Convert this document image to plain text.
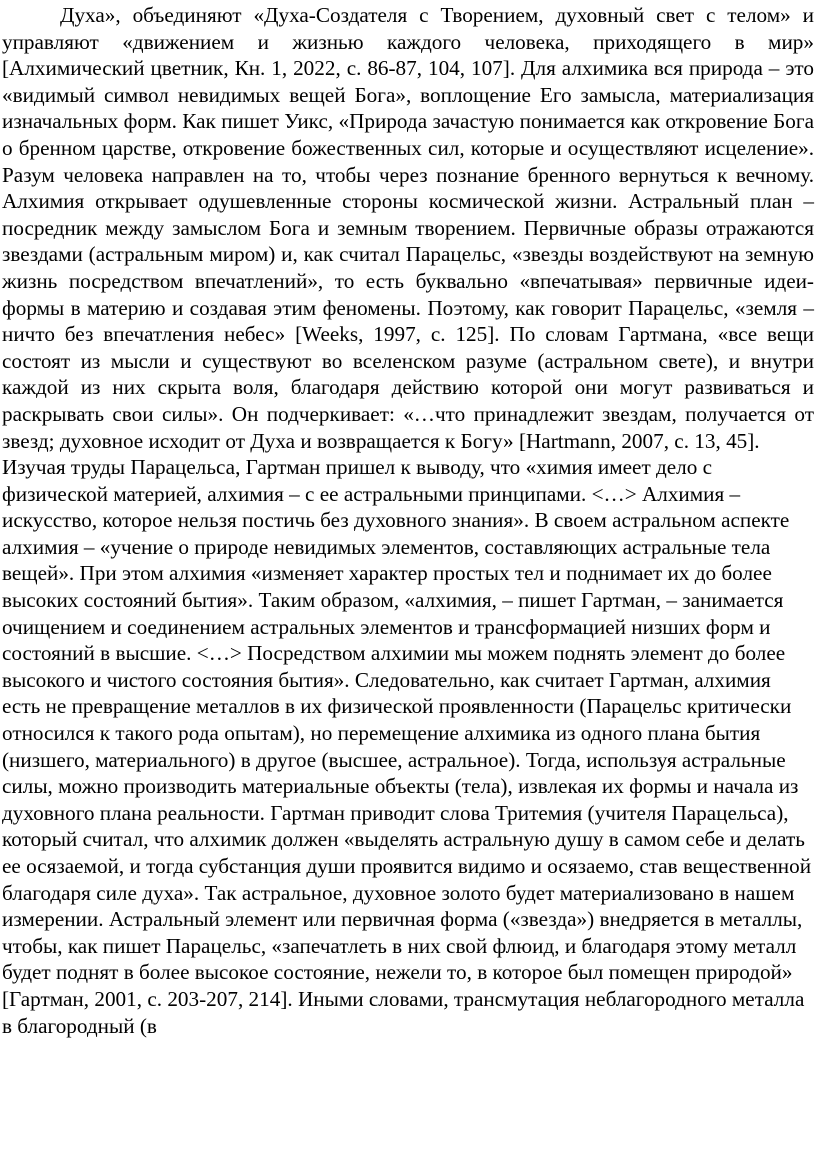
Духа», объединяют «Духа-Создателя с Творением, духовный свет с телом» и управляют «движением и жизнью каждого человека, приходящего в мир» [Алхимический цветник, Кн. 1, 2022, с. 86-87, 104, 107]. Для алхимика вся природа – это «видимый символ невидимых вещей Бога», воплощение Его замысла, материализация изначальных форм. Как пишет Уикс, «Природа зачастую понимается как откровение Бога о бренном царстве, откровение божественных сил, которые и осуществляют исцеление». Разум человека направлен на то, чтобы через познание бренного вернуться к вечному. Алхимия открывает одушевленные стороны космической жизни. Астральный план – посредник между замыслом Бога и земным творением. Первичные образы отражаются звездами (астральным миром) и, как считал Парацельс, «звезды воздействуют на земную жизнь посредством впечатлений», то есть буквально «впечатывая» первичные идеи-формы в материю и создавая этим феномены. Поэтому, как говорит Парацельс, «земля – ничто без впечатления небес» [Weeks, 1997, с. 125]. По словам Гартмана, «все вещи состоят из мысли и существуют во вселенском разуме (астральном свете), и внутри каждой из них скрыта воля, благодаря действию которой они могут развиваться и раскрывать свои силы». Он подчеркивает: «…что принадлежит звездам, получается от звезд; духовное исходит от Духа и возвращается к Богу» [Hartmann, 2007, с. 13, 45].

Изучая труды Парацельса, Гартман пришел к выводу, что «химия имеет дело с физической материей, алхимия – с ее астральными принципами. <…> Алхимия – искусство, которое нельзя постичь без духовного знания». В своем астральном аспекте алхимия – «учение о природе невидимых элементов, составляющих астральные тела вещей». При этом алхимия «изменяет характер простых тел и поднимает их до более высоких состояний бытия». Таким образом, «алхимия, – пишет Гартман, – занимается очищением и соединением астральных элементов и трансформацией низших форм и состояний в высшие. <…> Посредством алхимии мы можем поднять элемент до более высокого и чистого состояния бытия». Следовательно, как считает Гартман, алхимия есть не превращение металлов в их физической проявленности (Парацельс критически относился к такого рода опытам), но перемещение алхимика из одного плана бытия (низшего, материального) в другое (высшее, астральное). Тогда, используя астральные силы, можно производить материальные объекты (тела), извлекая их формы и начала из духовного плана реальности. Гартман приводит слова Тритемия (учителя Парацельса), который считал, что алхимик должен «выделять астральную душу в самом себе и делать ее осязаемой, и тогда субстанция души проявится видимо и осязаемо, став вещественной благодаря силе духа». Так астральное, духовное золото будет материализовано в нашем измерении. Астральный элемент или первичная форма («звезда») внедряется в металлы, чтобы, как пишет Парацельс, «запечатлеть в них свой флюид, и благодаря этому металл будет поднят в более высокое состояние, нежели то, в которое был помещен природой» [Гартман, 2001, с. 203-207, 214]. Иными словами, трансмутация неблагородного металла в благородный (в
